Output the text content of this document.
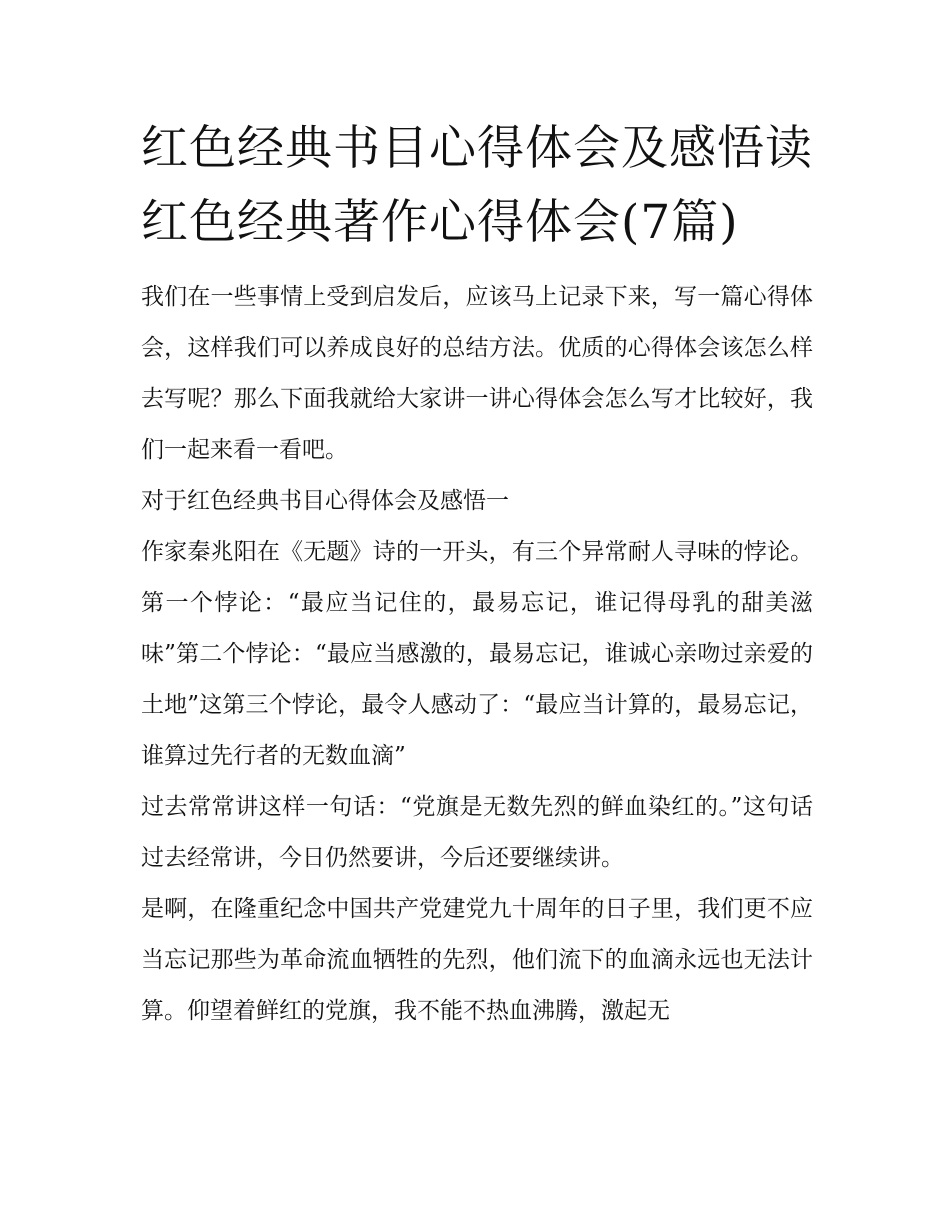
红色经典书目心得体会及感悟读红色经典著作心得体会(7篇)

我们在一些事情上受到启发后，应该马上记录下来，写一篇心得体会，这样我们可以养成良好的总结方法。优质的心得体会该怎么样去写呢？那么下面我就给大家讲一讲心得体会怎么写才比较好，我们一起来看一看吧。

对于红色经典书目心得体会及感悟一

作家秦兆阳在《无题》诗的一开头，有三个异常耐人寻味的悖论。第一个悖论：“最应当记住的，最易忘记，谁记得母乳的甜美滋味”第二个悖论：“最应当感激的，最易忘记，谁诚心亲吻过亲爱的土地”这第三个悖论，最令人感动了：“最应当计算的，最易忘记，谁算过先行者的无数血滴”

过去常常讲这样一句话：“党旗是无数先烈的鲜血染红的。”这句话过去经常讲，今日仍然要讲，今后还要继续讲。

是啊，在隆重纪念中国共产党建党九十周年的日子里，我们更不应当忘记那些为革命流血牺牲的先烈，他们流下的血滴永远也无法计算。仰望着鲜红的党旗，我不能不热血沸腾，激起无
